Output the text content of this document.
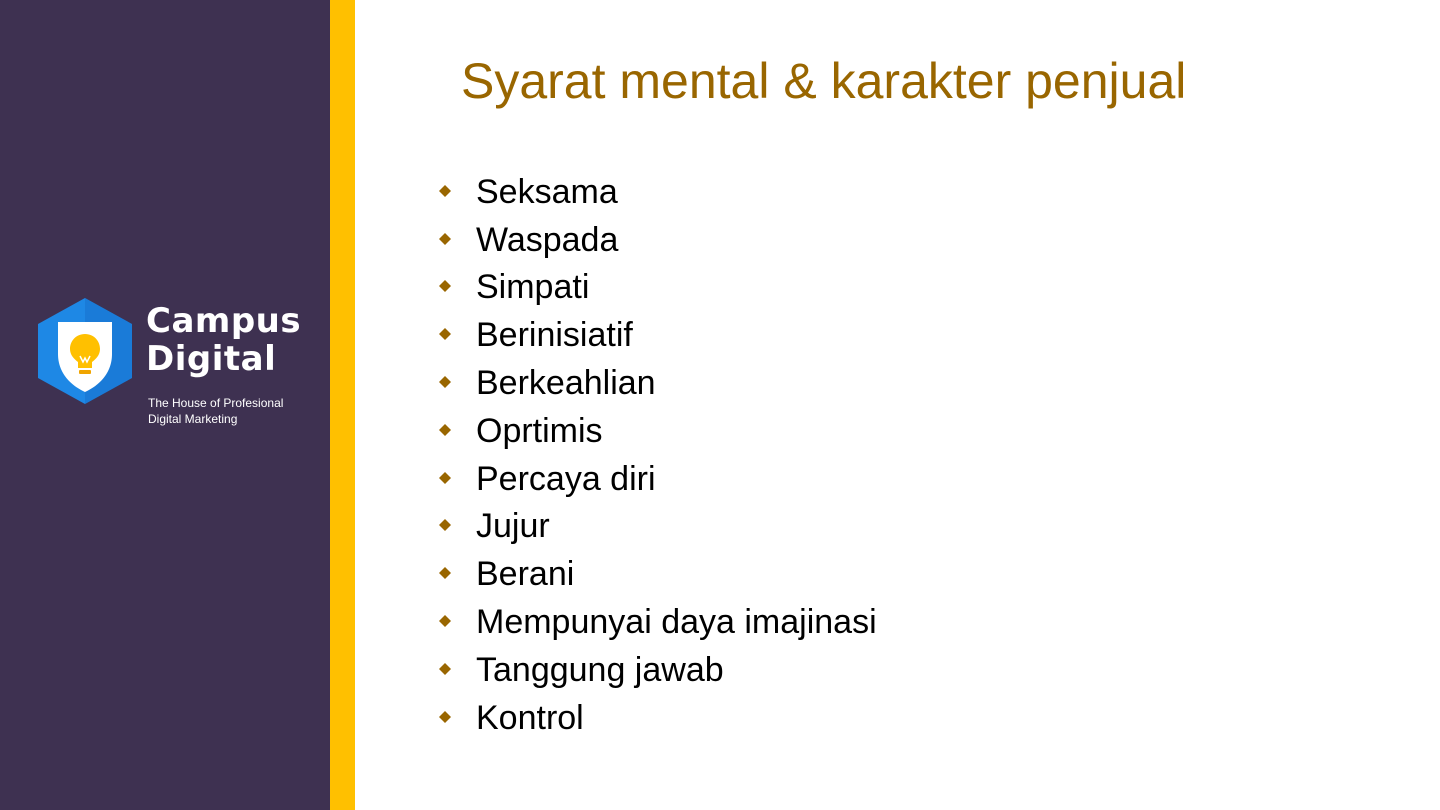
Campus
Digital
The House of Profesional
Digital Marketing
Syarat mental & karakter penjual
Seksama
Waspada
Simpati
Berinisiatif
Berkeahlian
Oprtimis
Percaya diri
Jujur
Berani
Mempunyai daya imajinasi
Tanggung jawab
Kontrol
